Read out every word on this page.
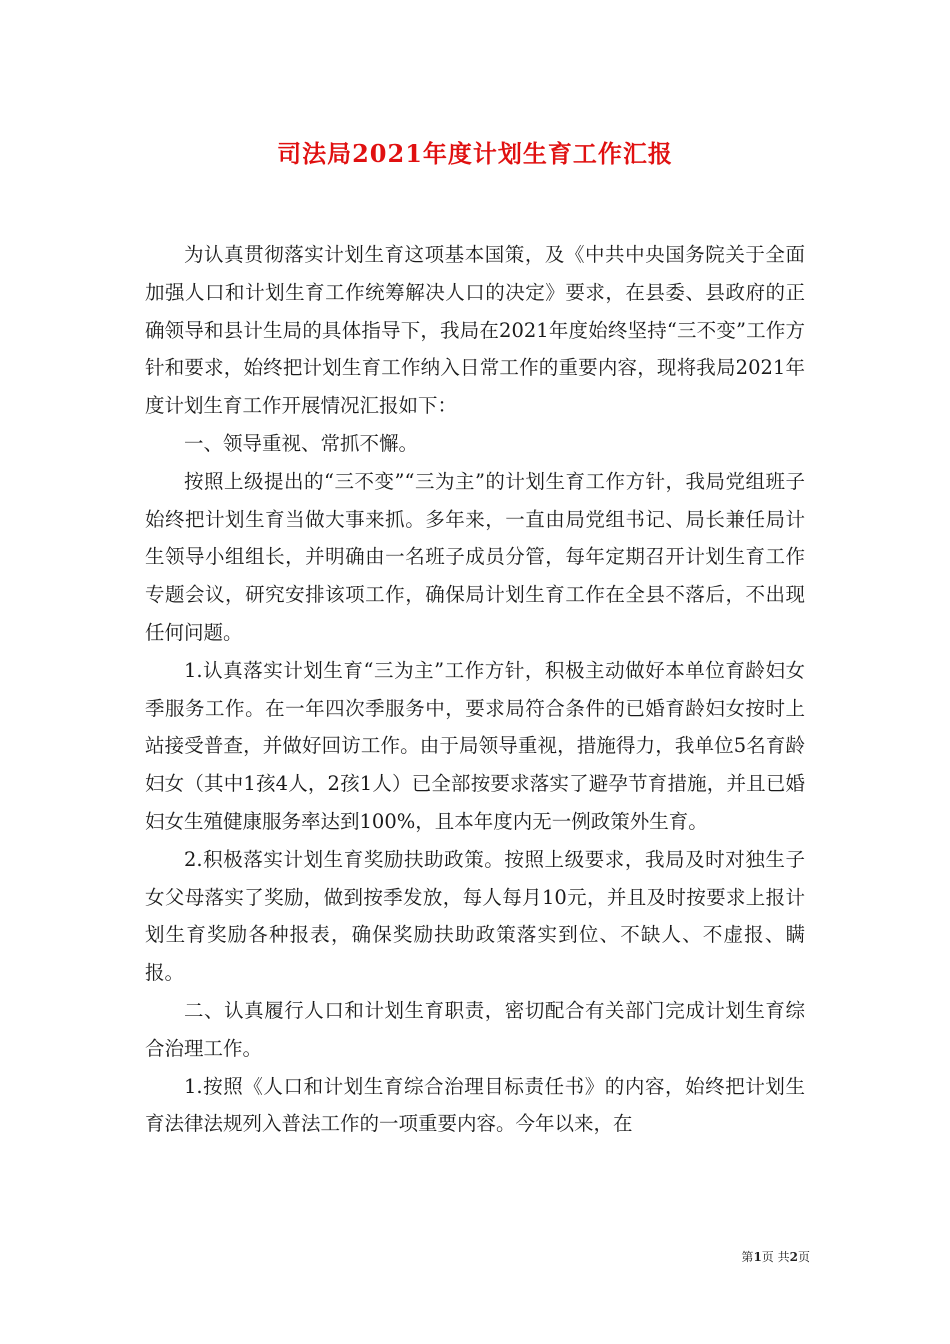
司法局2021年度计划生育工作汇报

为认真贯彻落实计划生育这项基本国策，及《中共中央国务院关于全面加强人口和计划生育工作统筹解决人口的决定》要求，在县委、县政府的正确领导和县计生局的具体指导下，我局在2021年度始终坚持“三不变”工作方针和要求，始终把计划生育工作纳入日常工作的重要内容，现将我局2021年度计划生育工作开展情况汇报如下：

一、领导重视、常抓不懈。

按照上级提出的“三不变”“三为主”的计划生育工作方针，我局党组班子始终把计划生育当做大事来抓。多年来，一直由局党组书记、局长兼任局计生领导小组组长，并明确由一名班子成员分管，每年定期召开计划生育工作专题会议，研究安排该项工作，确保局计划生育工作在全县不落后，不出现任何问题。

1.认真落实计划生育“三为主”工作方针，积极主动做好本单位育龄妇女季服务工作。在一年四次季服务中，要求局符合条件的已婚育龄妇女按时上站接受普查，并做好回访工作。由于局领导重视，措施得力，我单位5名育龄妇女（其中1孩4人，2孩1人）已全部按要求落实了避孕节育措施，并且已婚妇女生殖健康服务率达到100%，且本年度内无一例政策外生育。

2.积极落实计划生育奖励扶助政策。按照上级要求，我局及时对独生子女父母落实了奖励，做到按季发放，每人每月10元，并且及时按要求上报计划生育奖励各种报表，确保奖励扶助政策落实到位、不缺人、不虚报、瞒报。

二、认真履行人口和计划生育职责，密切配合有关部门完成计划生育综合治理工作。

1.按照《人口和计划生育综合治理目标责任书》的内容，始终把计划生育法律法规列入普法工作的一项重要内容。今年以来，在

第1页 共2页
